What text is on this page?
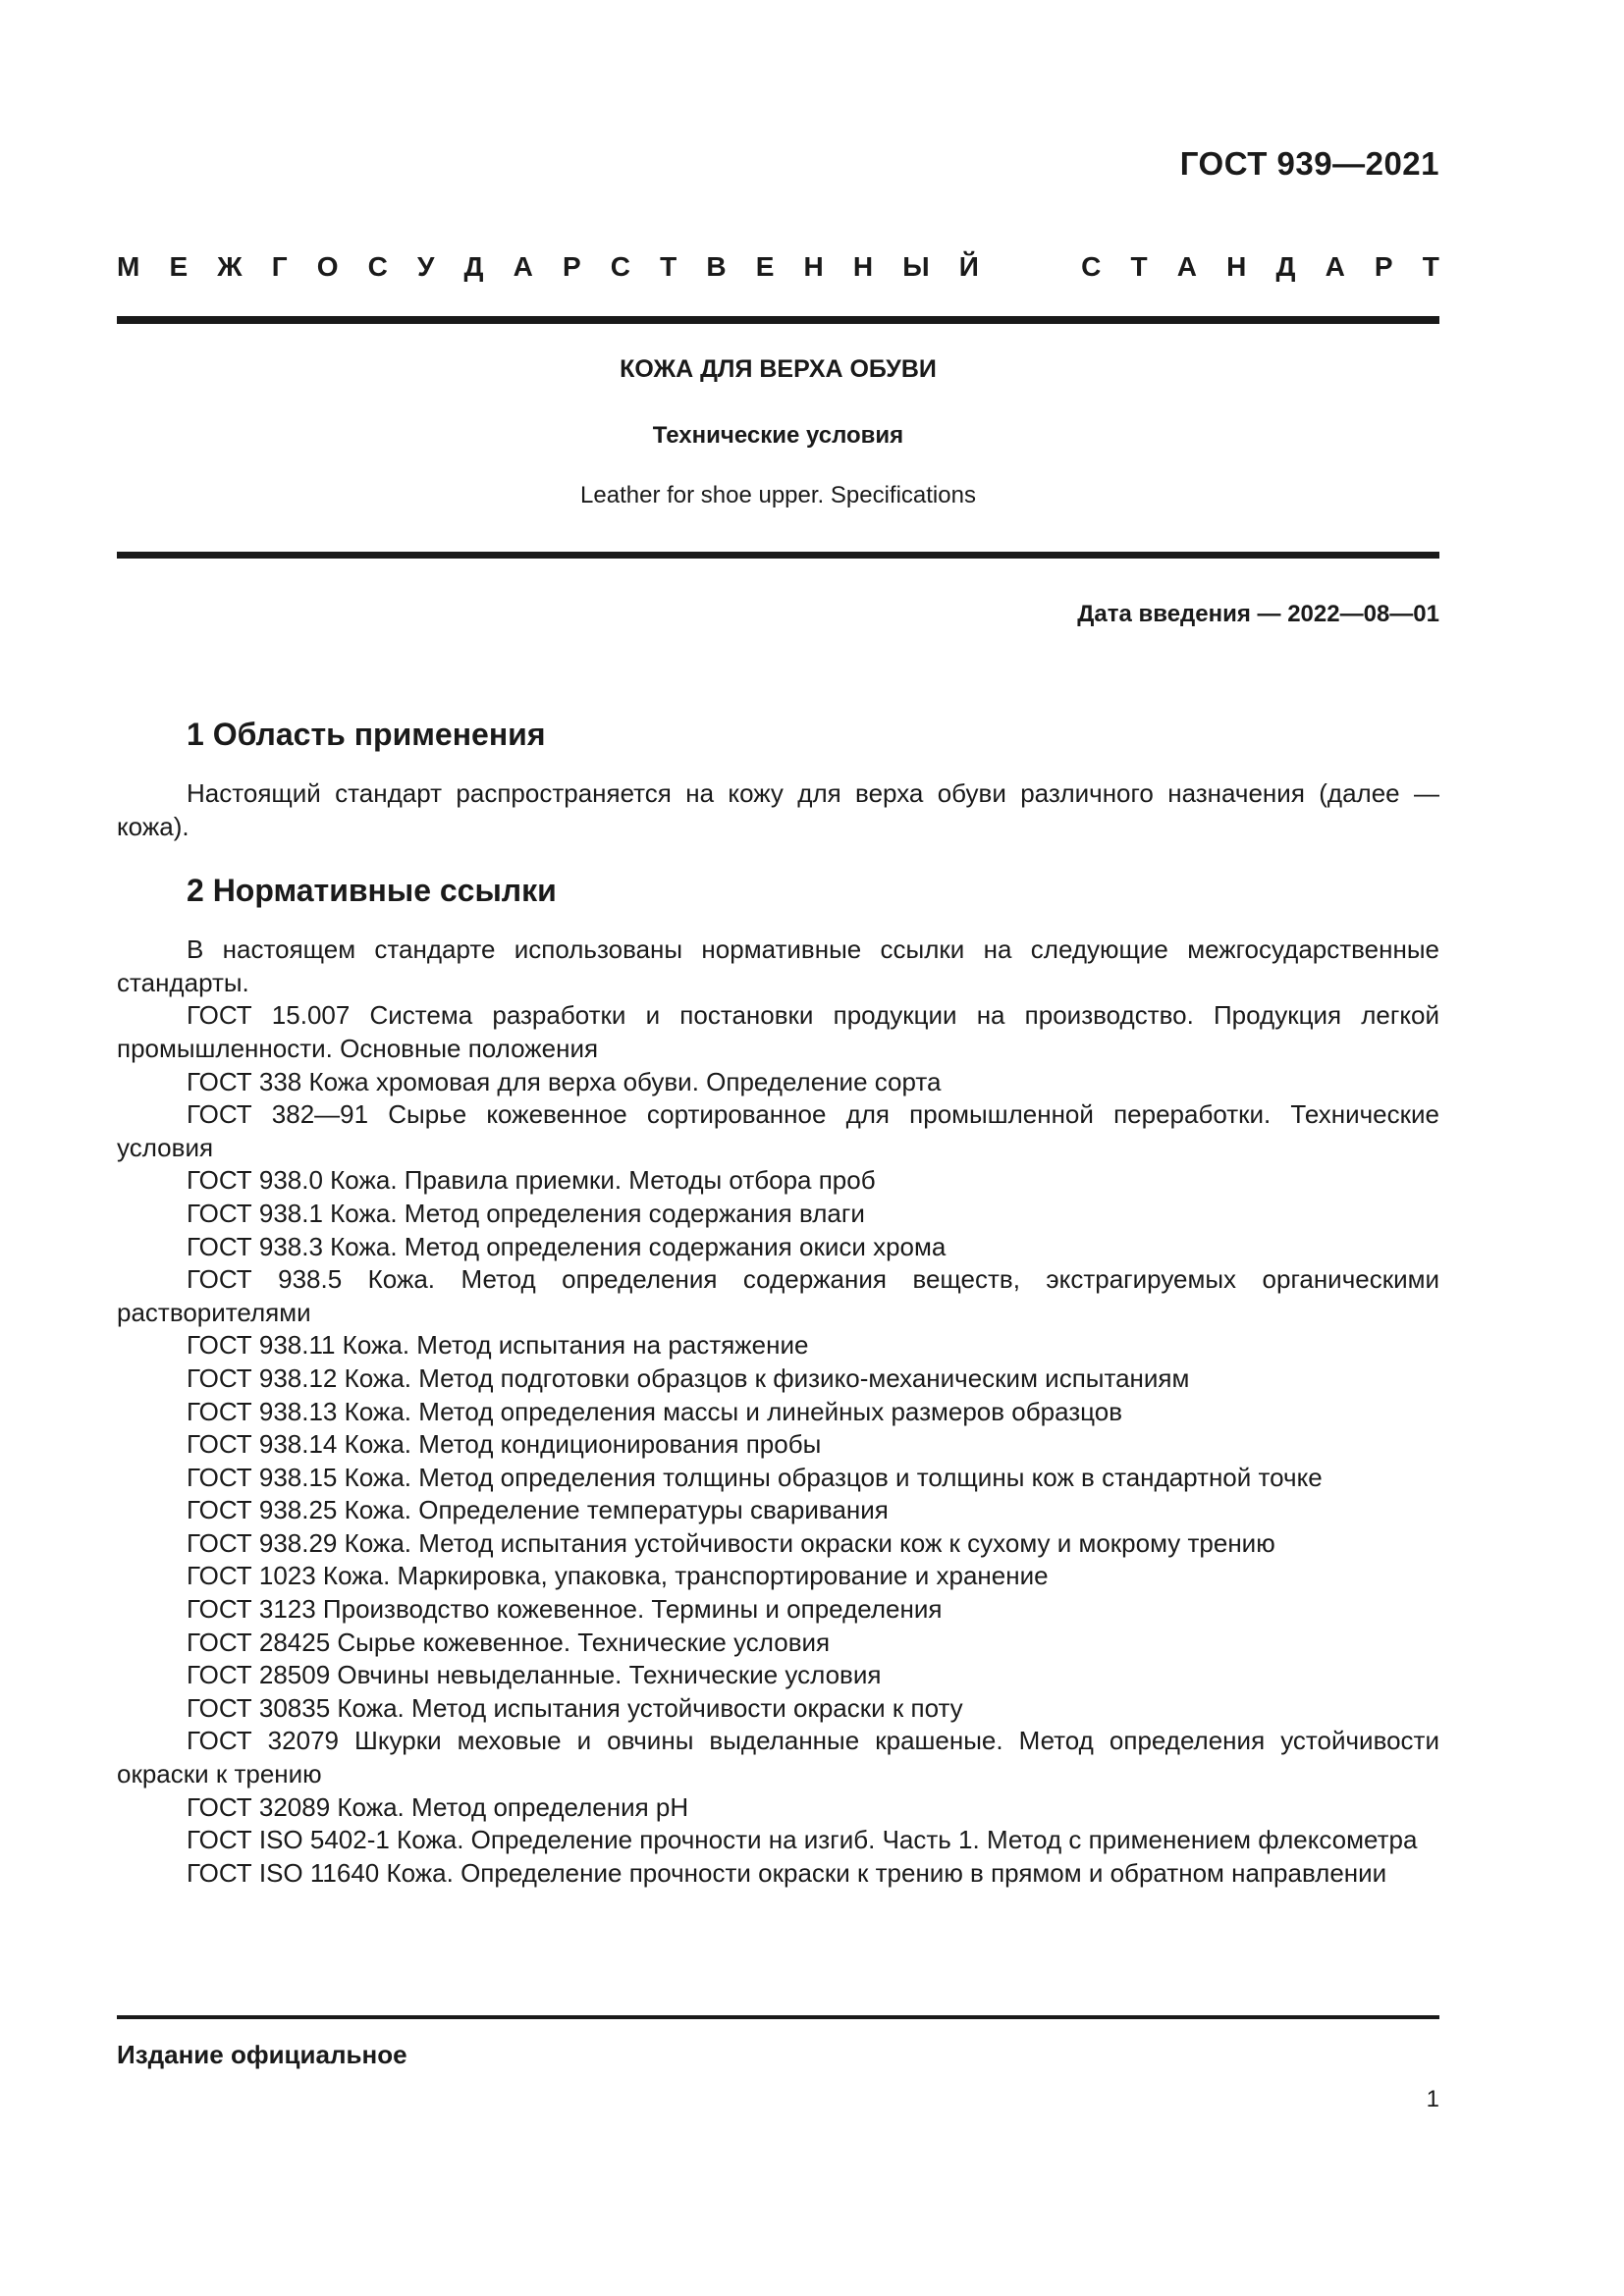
ГОСТ 939—2021
М Е Ж Г О С У Д А Р С Т В Е Н Н Ы Й	С Т А Н Д А Р Т
КОЖА ДЛЯ ВЕРХА ОБУВИ
Технические условия
Leather for shoe upper. Specifications
Дата введения — 2022—08—01
1 Область применения

Настоящий стандарт распространяется на кожу для верха обуви различного назначения (далее — кожа).

2 Нормативные ссылки

В настоящем стандарте использованы нормативные ссылки на следующие межгосударственные стандарты.

ГОСТ 15.007 Система разработки и постановки продукции на производство. Продукция легкой промышленности. Основные положения

ГОСТ 338 Кожа хромовая для верха обуви. Определение сорта

ГОСТ 382—91 Сырье кожевенное сортированное для промышленной переработки. Технические условия

ГОСТ 938.0 Кожа. Правила приемки. Методы отбора проб

ГОСТ 938.1 Кожа. Метод определения содержания влаги

ГОСТ 938.3 Кожа. Метод определения содержания окиси хрома

ГОСТ 938.5 Кожа. Метод определения содержания веществ, экстрагируемых органическими растворителями

ГОСТ 938.11 Кожа. Метод испытания на растяжение

ГОСТ 938.12 Кожа. Метод подготовки образцов к физико-механическим испытаниям

ГОСТ 938.13 Кожа. Метод определения массы и линейных размеров образцов

ГОСТ 938.14 Кожа. Метод кондиционирования пробы

ГОСТ 938.15 Кожа. Метод определения толщины образцов и толщины кож в стандартной точке

ГОСТ 938.25 Кожа. Определение температуры сваривания

ГОСТ 938.29 Кожа. Метод испытания устойчивости окраски кож к сухому и мокрому трению

ГОСТ 1023 Кожа. Маркировка, упаковка, транспортирование и хранение

ГОСТ 3123 Производство кожевенное. Термины и определения

ГОСТ 28425 Сырье кожевенное. Технические условия

ГОСТ 28509 Овчины невыделанные. Технические условия

ГОСТ 30835 Кожа. Метод испытания устойчивости окраски к поту

ГОСТ 32079 Шкурки меховые и овчины выделанные крашеные. Метод определения устойчивости окраски к трению

ГОСТ 32089 Кожа. Метод определения рН

ГОСТ ISO 5402-1 Кожа. Определение прочности на изгиб. Часть 1. Метод с применением флексометра

ГОСТ ISO 11640 Кожа. Определение прочности окраски к трению в прямом и обратном направлении

Издание официальное
1
